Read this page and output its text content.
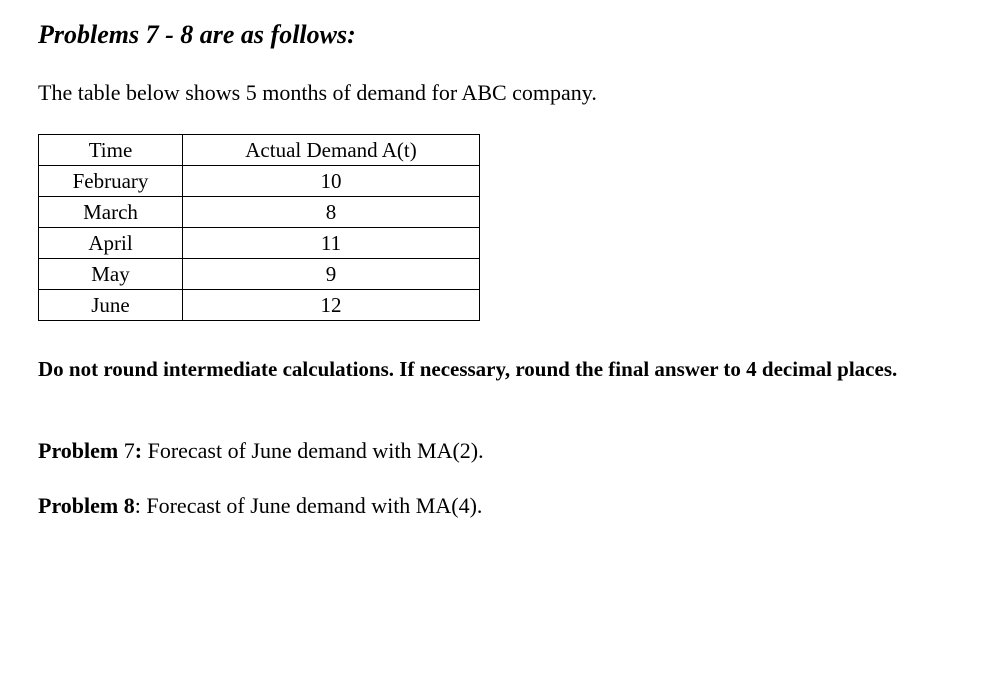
Problems 7 - 8 are as follows:

The table below shows 5 months of demand for ABC company.

Time	Actual Demand A(t)
February	10
March	8
April	11
May	9
June	12

Do not round intermediate calculations. If necessary, round the final answer to 4 decimal places.

Problem 7: Forecast of June demand with MA(2).

Problem 8: Forecast of June demand with MA(4).
